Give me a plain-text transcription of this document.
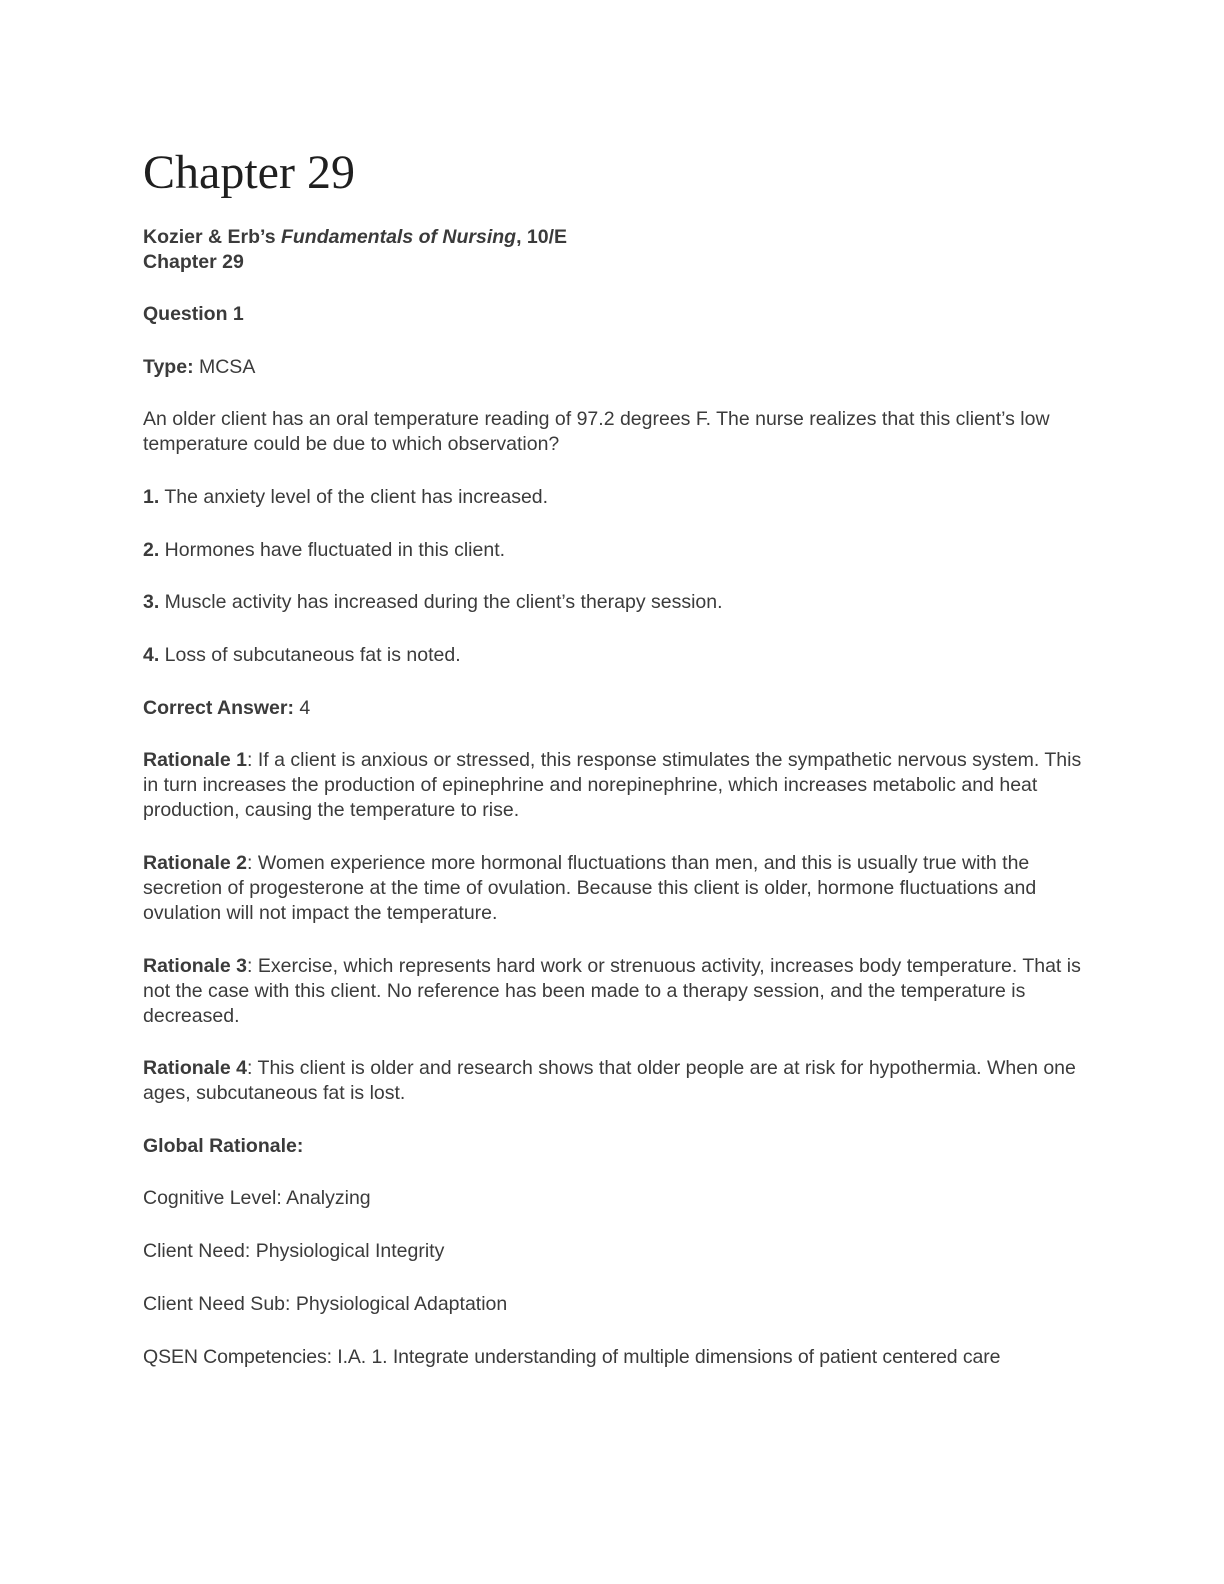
Chapter 29

Kozier & Erb’s Fundamentals of Nursing, 10/E
Chapter 29

Question 1

Type: MCSA

An older client has an oral temperature reading of 97.2 degrees F. The nurse realizes that this client’s low temperature could be due to which observation?

1. The anxiety level of the client has increased.

2. Hormones have fluctuated in this client.

3. Muscle activity has increased during the client’s therapy session.

4. Loss of subcutaneous fat is noted.

Correct Answer: 4

Rationale 1: If a client is anxious or stressed, this response stimulates the sympathetic nervous system. This in turn increases the production of epinephrine and norepinephrine, which increases metabolic and heat production, causing the temperature to rise.

Rationale 2: Women experience more hormonal fluctuations than men, and this is usually true with the secretion of progesterone at the time of ovulation. Because this client is older, hormone fluctuations and ovulation will not impact the temperature.

Rationale 3: Exercise, which represents hard work or strenuous activity, increases body temperature. That is not the case with this client. No reference has been made to a therapy session, and the temperature is decreased.

Rationale 4: This client is older and research shows that older people are at risk for hypothermia. When one ages, subcutaneous fat is lost.

Global Rationale:

Cognitive Level: Analyzing

Client Need: Physiological Integrity

Client Need Sub: Physiological Adaptation

QSEN Competencies: I.A. 1. Integrate understanding of multiple dimensions of patient centered care
